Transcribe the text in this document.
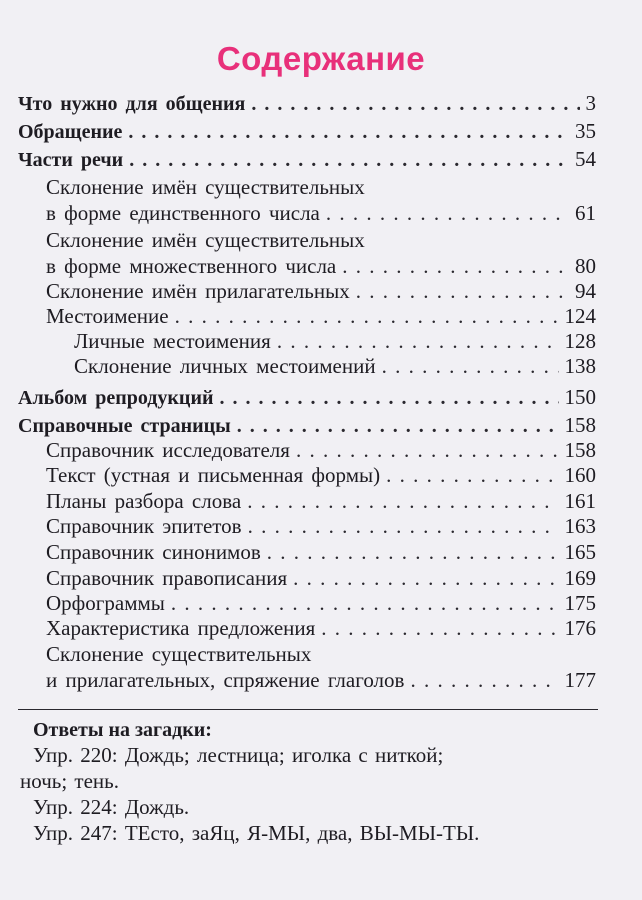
Содержание
Что нужно для общения . . .	3
Обращение . . .	35
Части речи . . .	54
Склонение имён существительных
в форме единственного числа . . .	61
Склонение имён существительных
в форме множественного числа . . .	80
Склонение имён прилагательных . . .	94
Местоимение . . .	124
Личные местоимения . . .	128
Склонение личных местоимений . . .	138
Альбом репродукций . . .	150
Справочные страницы . . .	158
Справочник исследователя . . .	158
Текст (устная и письменная формы) . . .	160
Планы разбора слова . . .	161
Справочник эпитетов . . .	163
Справочник синонимов . . .	165
Справочник правописания . . .	169
Орфограммы . . .	175
Характеристика предложения . . .	176
Склонение существительных
и прилагательных, спряжение глаголов . . .	177
Ответы на загадки:
Упр. 220: Дождь; лестница; иголка с ниткой;
ночь; тень.
Упр. 224: Дождь.
Упр. 247: ТЕсто, заЯц, Я-МЫ, два, ВЫ-МЫ-ТЫ.
